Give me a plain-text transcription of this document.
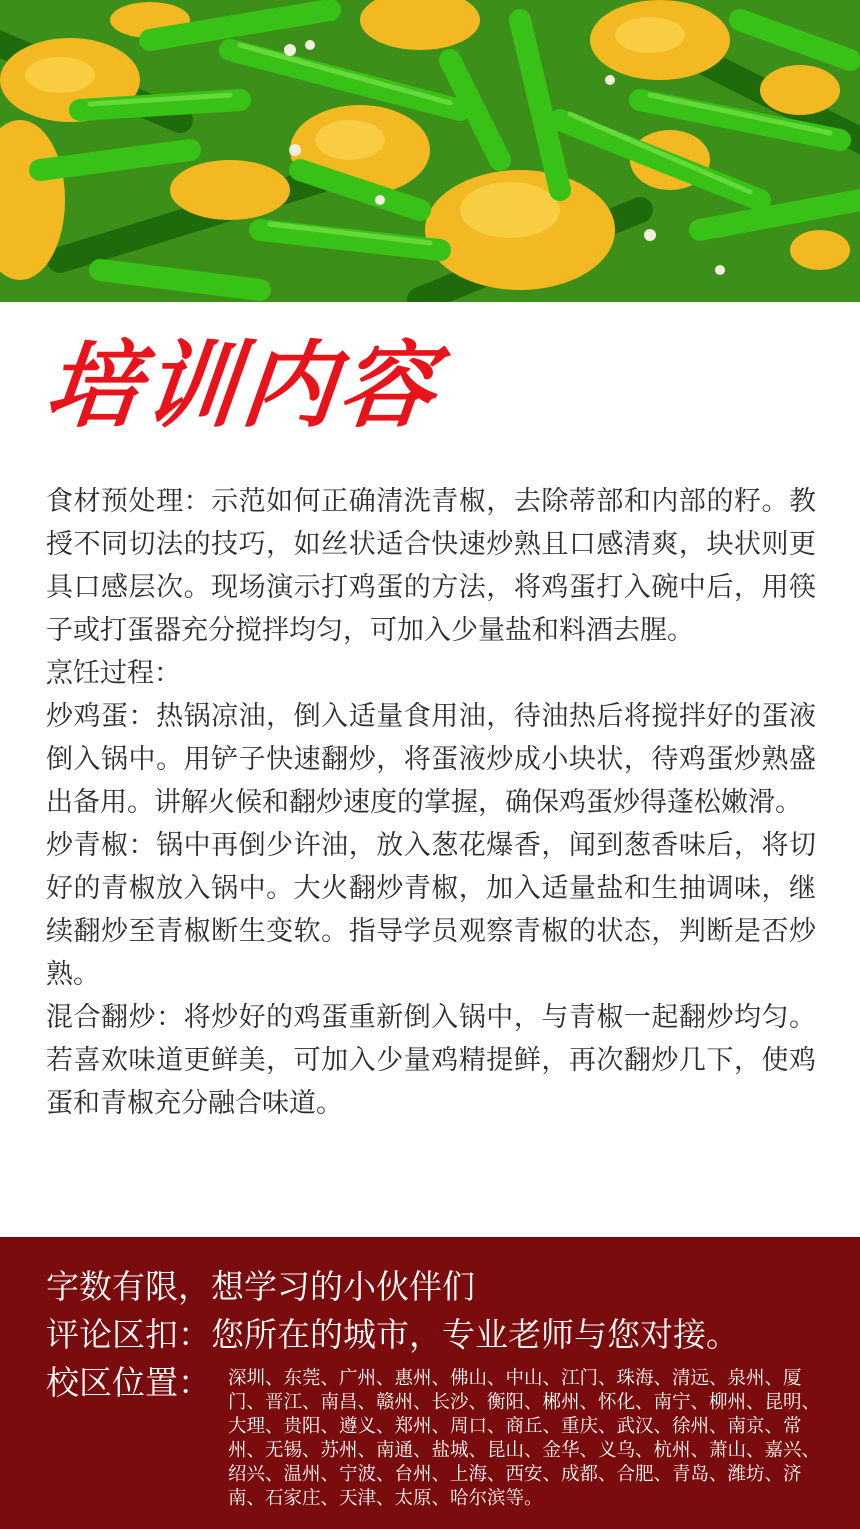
培训内容

食材预处理：示范如何正确清洗青椒，去除蒂部和内部的籽。教授不同切法的技巧，如丝状适合快速炒熟且口感清爽，块状则更具口感层次。现场演示打鸡蛋的方法，将鸡蛋打入碗中后，用筷子或打蛋器充分搅拌均匀，可加入少量盐和料酒去腥。

烹饪过程：

炒鸡蛋：热锅凉油，倒入适量食用油，待油热后将搅拌好的蛋液倒入锅中。用铲子快速翻炒，将蛋液炒成小块状，待鸡蛋炒熟盛出备用。讲解火候和翻炒速度的掌握，确保鸡蛋炒得蓬松嫩滑。

炒青椒：锅中再倒少许油，放入葱花爆香，闻到葱香味后，将切好的青椒放入锅中。大火翻炒青椒，加入适量盐和生抽调味，继续翻炒至青椒断生变软。指导学员观察青椒的状态，判断是否炒熟。

混合翻炒：将炒好的鸡蛋重新倒入锅中，与青椒一起翻炒均匀。若喜欢味道更鲜美，可加入少量鸡精提鲜，再次翻炒几下，使鸡蛋和青椒充分融合味道。

字数有限，想学习的小伙伴们
评论区扣：您所在的城市，专业老师与您对接。
校区位置： 深圳、东莞、广州、惠州、佛山、中山、江门、珠海、清远、泉州、厦门、晋江、南昌、赣州、长沙、衡阳、郴州、怀化、南宁、柳州、昆明、大理、贵阳、遵义、郑州、周口、商丘、重庆、武汉、徐州、南京、常州、无锡、苏州、南通、盐城、昆山、金华、义乌、杭州、萧山、嘉兴、绍兴、温州、宁波、台州、上海、西安、成都、合肥、青岛、潍坊、济南、石家庄、天津、太原、哈尔滨等。
